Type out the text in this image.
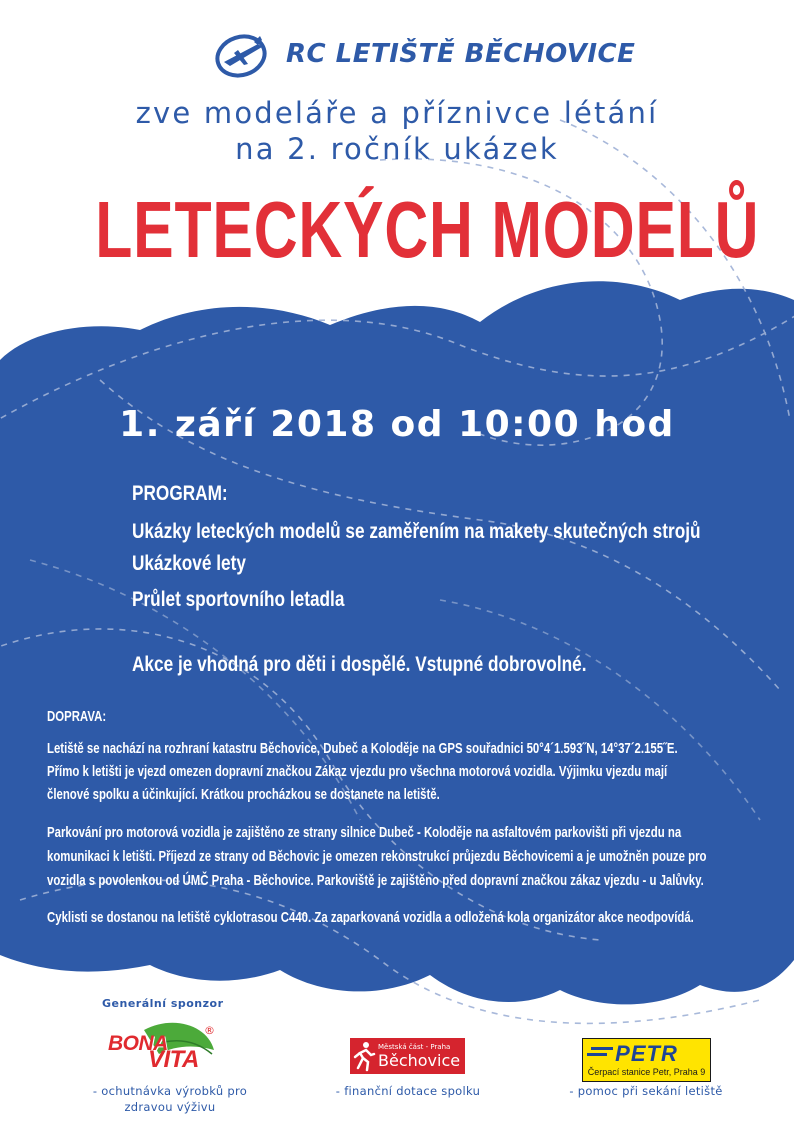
RC LETIŠTĚ BĚCHOVICE
zve modeláře a příznivce létání
na 2. ročník ukázek
LETECKÝCH MODELŮ
1. září 2018 od 10:00 hod
PROGRAM:
Ukázky leteckých modelů se zaměřením na makety skutečných strojů
Ukázkové lety
Průlet sportovního letadla
Akce je vhodná pro děti i dospělé. Vstupné dobrovolné.
DOPRAVA:
Letiště se nachází na rozhraní katastru Běchovice, Dubeč a Koloděje na GPS souřadnici 50°4´1.593˝N, 14°37´2.155˝E.
Přímo k letišti je vjezd omezen dopravní značkou Zákaz vjezdu pro všechna motorová vozidla. Výjimku vjezdu mají
členové spolku a účinkující. Krátkou procházkou se dostanete na letiště.
Parkování pro motorová vozidla je zajištěno ze strany silnice Dubeč - Koloděje na asfaltovém parkovišti při vjezdu na
komunikaci k letišti. Příjezd ze strany od Běchovic je omezen rekonstrukcí průjezdu Běchovicemi a je umožněn pouze pro
vozidla s povolenkou od ÚMČ Praha - Běchovice. Parkoviště je zajištěno před dopravní značkou zákaz vjezdu - u Jalůvky.
Cyklisti se dostanou na letiště cyklotrasou C440. Za zaparkovaná vozidla a odložená kola organizátor akce neodpovídá.
Generální sponzor
BONA
VITA
®
- ochutnávka výrobků pro
zdravou výživu
Městská část - Praha
Běchovice
- finanční dotace spolku
PETR
Čerpací stanice Petr, Praha 9
- pomoc při sekání letiště
